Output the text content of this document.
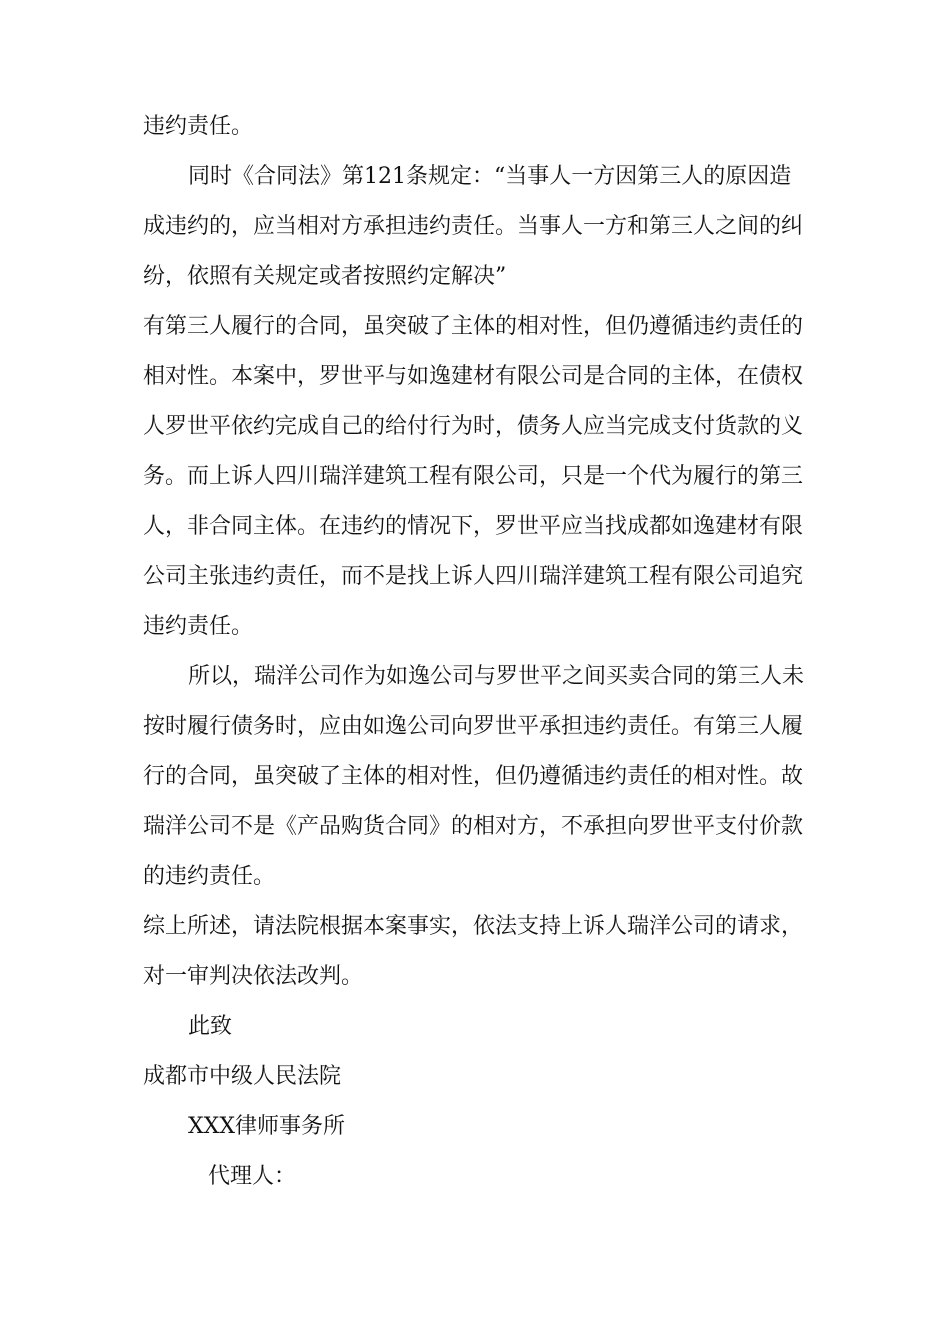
违约责任。
同时《合同法》第121条规定：“当事人一方因第三人的原因造
成违约的，应当相对方承担违约责任。当事人一方和第三人之间的纠
纷，依照有关规定或者按照约定解决”
有第三人履行的合同，虽突破了主体的相对性，但仍遵循违约责任的
相对性。本案中，罗世平与如逸建材有限公司是合同的主体，在债权
人罗世平依约完成自己的给付行为时，债务人应当完成支付货款的义
务。而上诉人四川瑞洋建筑工程有限公司，只是一个代为履行的第三
人，非合同主体。在违约的情况下，罗世平应当找成都如逸建材有限
公司主张违约责任，而不是找上诉人四川瑞洋建筑工程有限公司追究
违约责任。
所以，瑞洋公司作为如逸公司与罗世平之间买卖合同的第三人未
按时履行债务时，应由如逸公司向罗世平承担违约责任。有第三人履
行的合同，虽突破了主体的相对性，但仍遵循违约责任的相对性。故
瑞洋公司不是《产品购货合同》的相对方，不承担向罗世平支付价款
的违约责任。
综上所述，请法院根据本案事实，依法支持上诉人瑞洋公司的请求，
对一审判决依法改判。
此致
成都市中级人民法院
XXX律师事务所
代理人：
